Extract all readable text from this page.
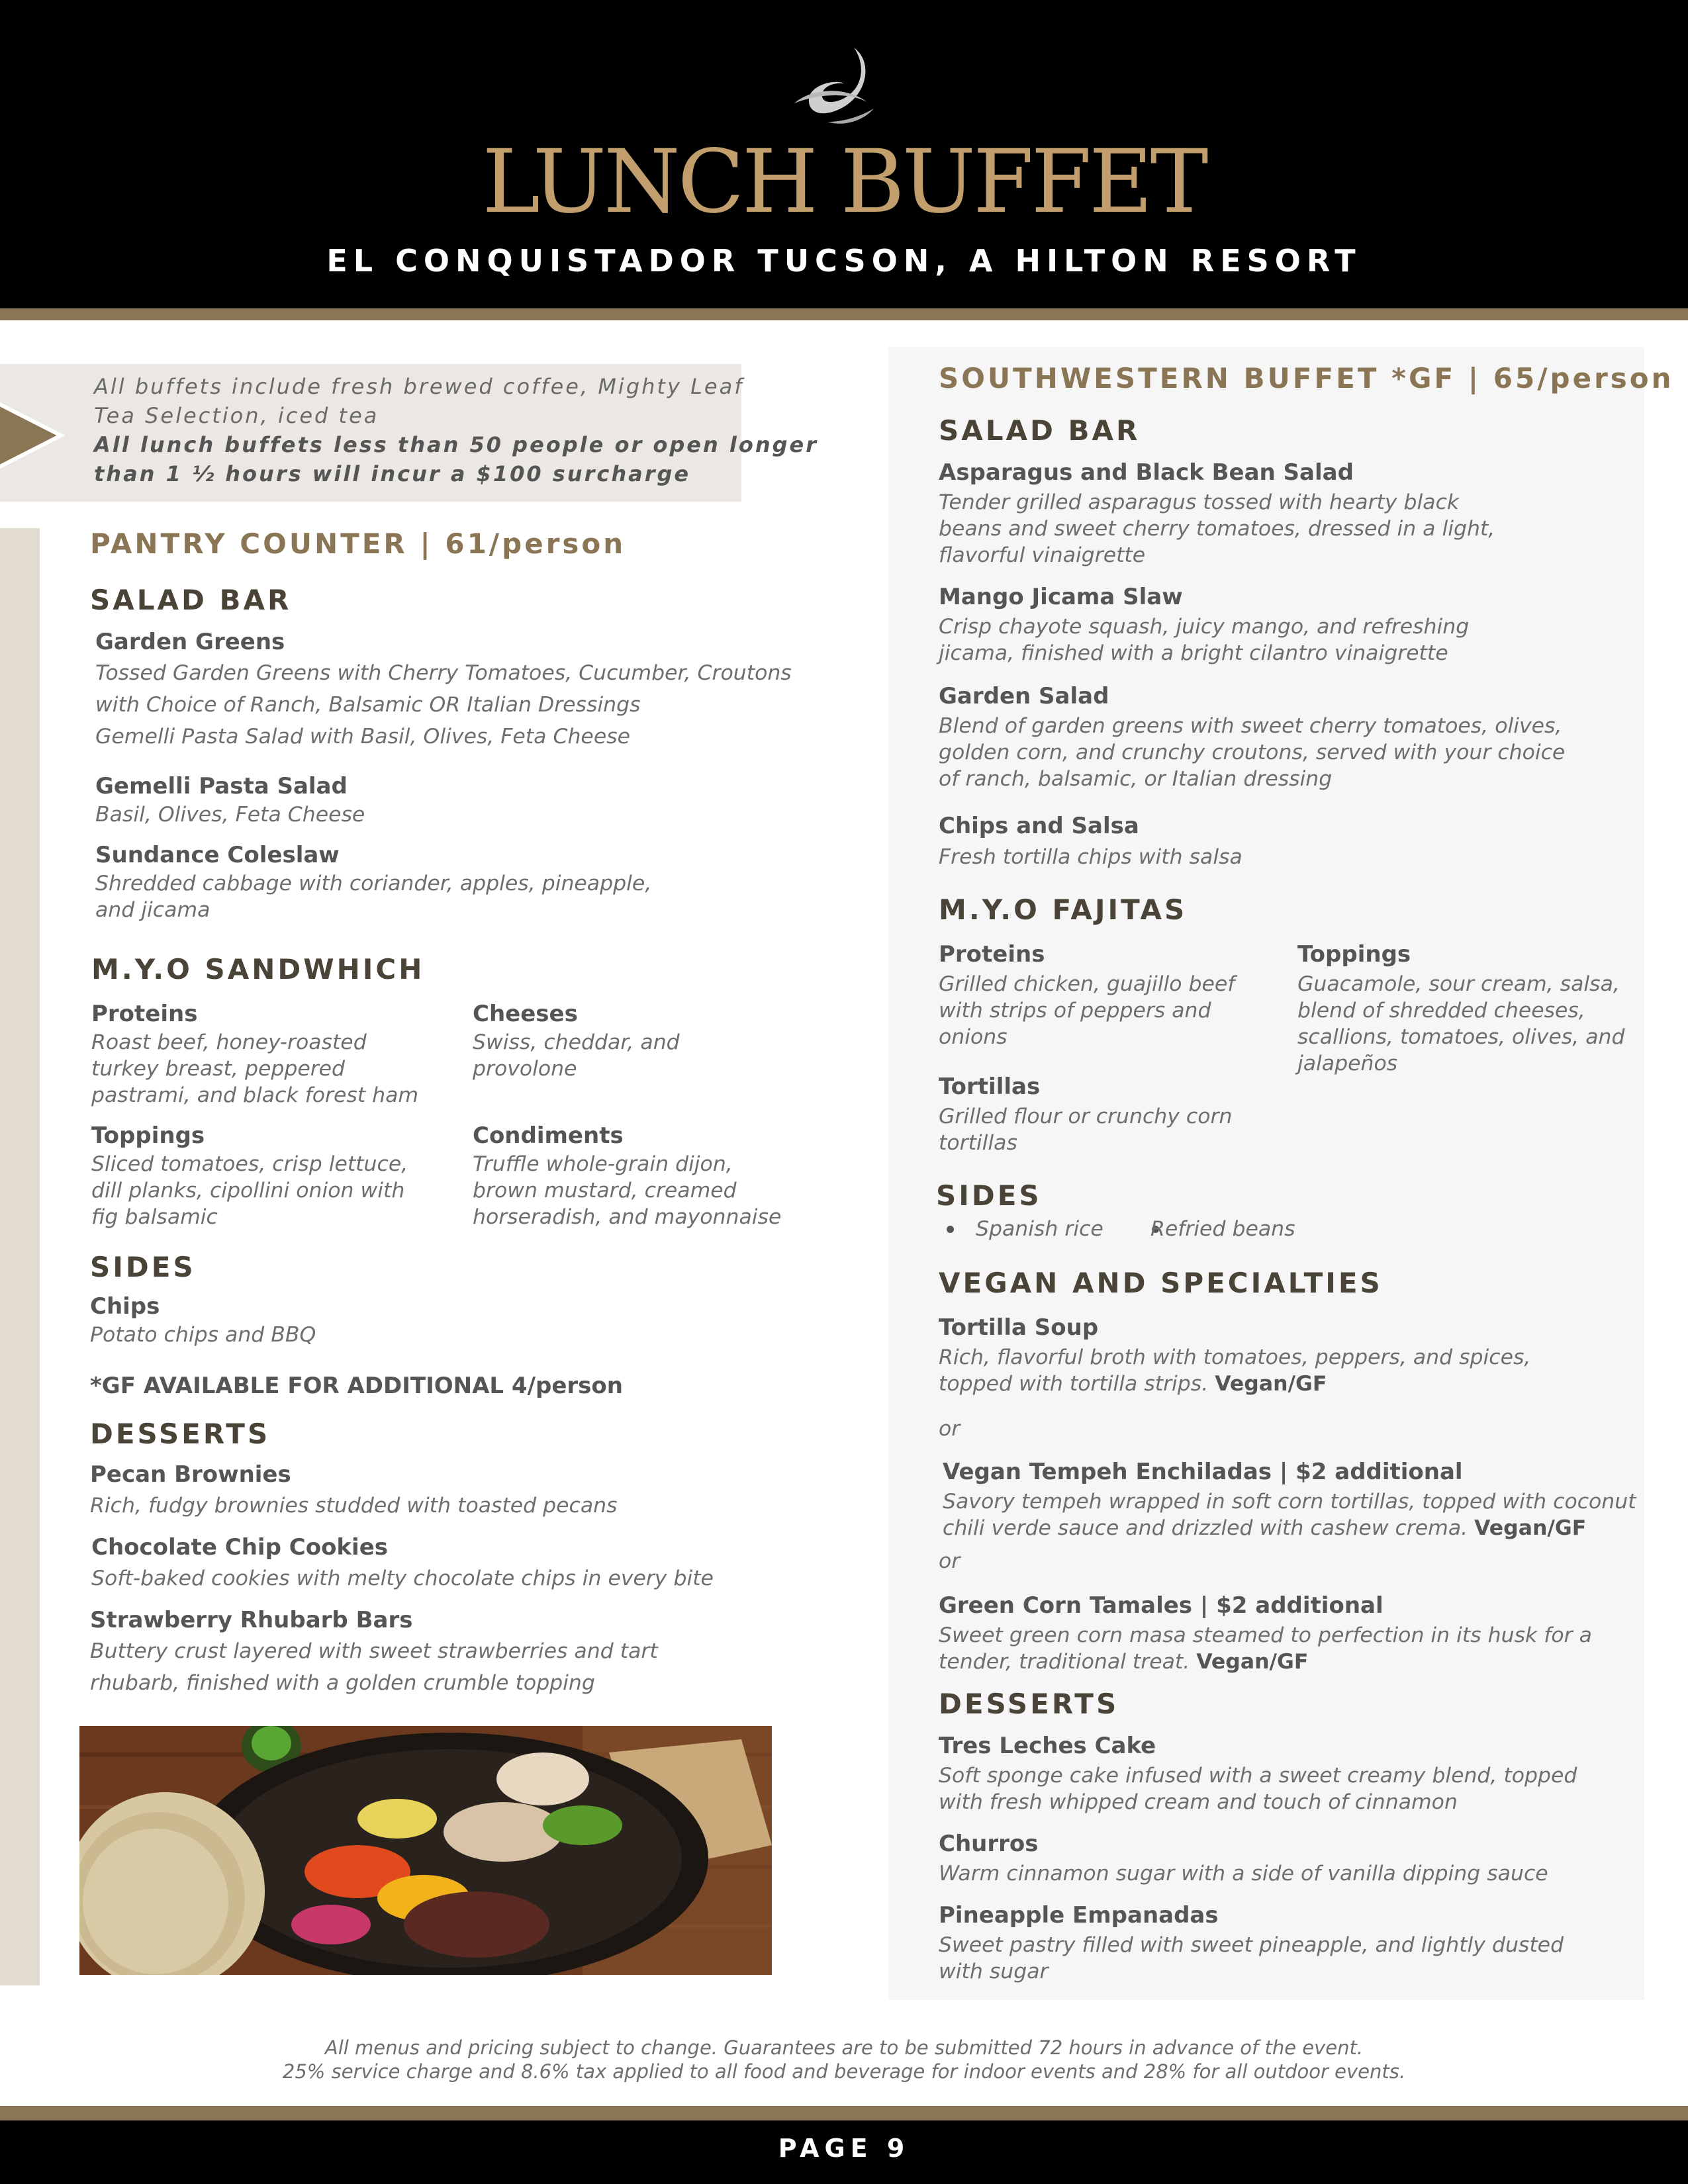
LUNCH BUFFET
EL CONQUISTADOR TUCSON, A HILTON RESORT
All buffets include fresh brewed coffee, Mighty Leaf
Tea Selection, iced tea
All lunch buffets less than 50 people or open longer
than 1 ½ hours will incur a $100 surcharge
PANTRY COUNTER | 61/person
SALAD BAR
Garden Greens
Tossed Garden Greens with Cherry Tomatoes, Cucumber, Croutons
with Choice of Ranch, Balsamic OR Italian Dressings
Gemelli Pasta Salad with Basil, Olives, Feta Cheese
Gemelli Pasta Salad
Basil, Olives, Feta Cheese
Sundance Coleslaw
Shredded cabbage with coriander, apples, pineapple,
and jicama
M.Y.O SANDWHICH
Proteins
Roast beef, honey-roasted
turkey breast, peppered
pastrami, and black forest ham
Cheeses
Swiss, cheddar, and
provolone
Toppings
Sliced tomatoes, crisp lettuce,
dill planks, cipollini onion with
fig balsamic
Condiments
Truffle whole-grain dijon,
brown mustard, creamed
horseradish, and mayonnaise
SIDES
Chips
Potato chips and BBQ
*GF AVAILABLE FOR ADDITIONAL 4/person
DESSERTS
Pecan Brownies
Rich, fudgy brownies studded with toasted pecans
Chocolate Chip Cookies
Soft-baked cookies with melty chocolate chips in every bite
Strawberry Rhubarb Bars
Buttery crust layered with sweet strawberries and tart
rhubarb, finished with a golden crumble topping
SOUTHWESTERN BUFFET *GF | 65/person
SALAD BAR
Asparagus and Black Bean Salad
Tender grilled asparagus tossed with hearty black
beans and sweet cherry tomatoes, dressed in a light,
flavorful vinaigrette
Mango Jicama Slaw
Crisp chayote squash, juicy mango, and refreshing
jicama, finished with a bright cilantro vinaigrette
Garden Salad
Blend of garden greens with sweet cherry tomatoes, olives,
golden corn, and crunchy croutons, served with your choice
of ranch, balsamic, or Italian dressing
Chips and Salsa
Fresh tortilla chips with salsa
M.Y.O FAJITAS
Proteins
Grilled chicken, guajillo beef
with strips of peppers and
onions
Toppings
Guacamole, sour cream, salsa,
blend of shredded cheeses,
scallions, tomatoes, olives, and
jalapeños
Tortillas
Grilled flour or crunchy corn
tortillas
SIDES
Spanish rice Refried beans
VEGAN AND SPECIALTIES
Tortilla Soup
Rich, flavorful broth with tomatoes, peppers, and spices,
topped with tortilla strips. Vegan/GF
or
Vegan Tempeh Enchiladas | $2 additional
Savory tempeh wrapped in soft corn tortillas, topped with coconut
chili verde sauce and drizzled with cashew crema. Vegan/GF
or
Green Corn Tamales | $2 additional
Sweet green corn masa steamed to perfection in its husk for a
tender, traditional treat. Vegan/GF
DESSERTS
Tres Leches Cake
Soft sponge cake infused with a sweet creamy blend, topped
with fresh whipped cream and touch of cinnamon
Churros
Warm cinnamon sugar with a side of vanilla dipping sauce
Pineapple Empanadas
Sweet pastry filled with sweet pineapple, and lightly dusted
with sugar
All menus and pricing subject to change. Guarantees are to be submitted 72 hours in advance of the event.
25% service charge and 8.6% tax applied to all food and beverage for indoor events and 28% for all outdoor events.
PAGE 9
